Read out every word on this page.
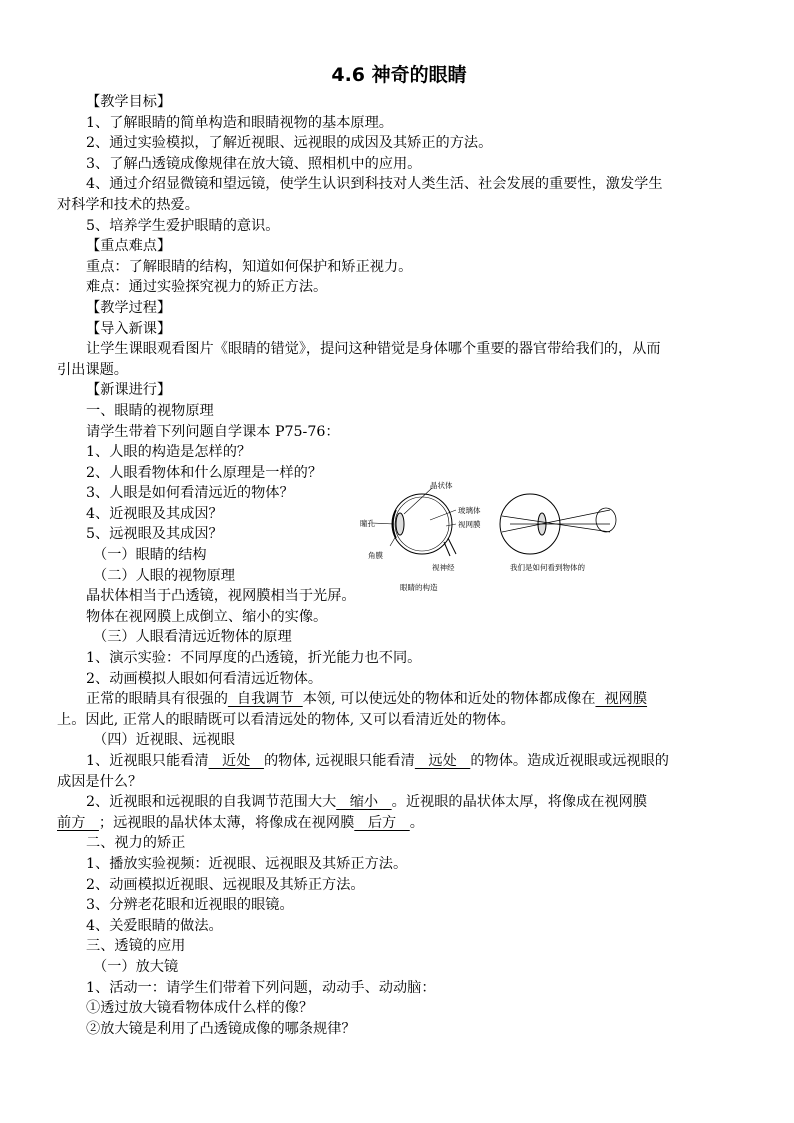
4.6 神奇的眼睛
【教学目标】
1、了解眼睛的简单构造和眼睛视物的基本原理。
2、通过实验模拟，了解近视眼、远视眼的成因及其矫正的方法。
3、了解凸透镜成像规律在放大镜、照相机中的应用。
4、通过介绍显微镜和望远镜，使学生认识到科技对人类生活、社会发展的重要性，激发学生
对科学和技术的热爱。
5、培养学生爱护眼睛的意识。
【重点难点】
重点：了解眼睛的结构，知道如何保护和矫正视力。
难点：通过实验探究视力的矫正方法。
【教学过程】
【导入新课】
让学生课眼观看图片《眼睛的错觉》，提问这种错觉是身体哪个重要的器官带给我们的，从而
引出课题。
【新课进行】
一、眼睛的视物原理
请学生带着下列问题自学课本 P75-76：
1、人眼的构造是怎样的？
2、人眼看物体和什么原理是一样的？
3、人眼是如何看清远近的物体？
4、近视眼及其成因？
5、远视眼及其成因？
（一）眼睛的结构
（二）人眼的视物原理
晶状体相当于凸透镜，视网膜相当于光屏。
物体在视网膜上成倒立、缩小的实像。
（三）人眼看清远近物体的原理
1、演示实验：不同厚度的凸透镜，折光能力也不同。
2、动画模拟人眼如何看清远近物体。
正常的眼睛具有很强的  自我调节  本领, 可以使远处的物体和近处的物体都成像在  视网膜
上。因此, 正常人的眼睛既可以看清远处的物体, 又可以看清近处的物体。
（四）近视眼、远视眼
1、近视眼只能看清   近处   的物体, 远视眼只能看清   远处   的物体。造成近视眼或远视眼的
成因是什么？
2、近视眼和远视眼的自我调节范围大大   缩小   。近视眼的晶状体太厚，将像成在视网膜
前方   ；远视眼的晶状体太薄，将像成在视网膜   后方   。
二、视力的矫正
1、播放实验视频：近视眼、远视眼及其矫正方法。
2、动画模拟近视眼、远视眼及其矫正方法。
3、分辨老花眼和近视眼的眼镜。
4、关爱眼睛的做法。
三、透镜的应用
（一）放大镜
1、活动一：请学生们带着下列问题，动动手、动动脑：
①透过放大镜看物体成什么样的像？
②放大镜是利用了凸透镜成像的哪条规律？
晶状体
玻璃体
视网膜
瞳孔
角膜
视神经
眼睛的构造
我们是如何看到物体的
